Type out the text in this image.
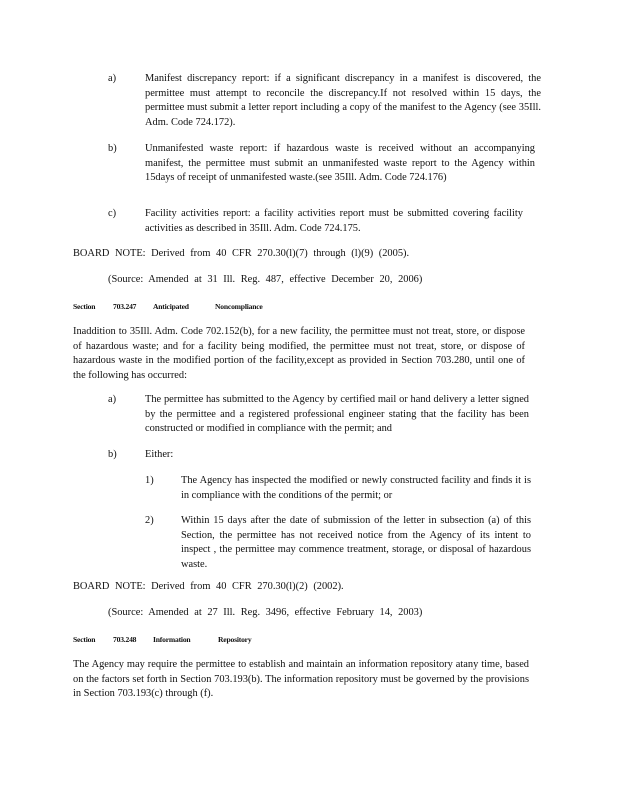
a)	Manifest discrepancy report: if a significant discrepancy in a manifest is discovered, the permittee must attempt to reconcile the discrepancy.If not resolved within 15 days, the permittee must submit a letter report including a copy of the manifest to the Agency (see 35Ill. Adm. Code 724.172).
b)	Unmanifested waste report: if hazardous waste is received without an accompanying manifest, the permittee must submit an unmanifested waste report to the Agency within 15days of receipt of unmanifested waste.(see 35Ill. Adm. Code 724.176)
c)	Facility activities report: a facility activities report must be submitted covering facility activities as described in 35Ill. Adm. Code 724.175.
BOARD NOTE: Derived from 40 CFR 270.30(l)(7) through (l)(9) (2005).
(Source: Amended at 31 Ill. Reg. 487, effective December 20, 2006)
Section 703.247 Anticipated	Noncompliance
Inaddition to 35Ill. Adm. Code 702.152(b), for a new facility, the permittee must not treat, store, or dispose of hazardous waste; and for a facility being modified, the permittee must not treat, store, or dispose of hazardous waste in the modified portion of the facility,except as provided in Section 703.280, until one of the following has occurred:
a)	The permittee has submitted to the Agency by certified mail or hand delivery a letter signed by the permittee and a registered professional engineer stating that the facility has been constructed or modified in compliance with the permit; and
b)	Either:
1)	The Agency has inspected the modified or newly constructed facility and finds it is in compliance with the conditions of the permit; or
2)	Within 15 days after the date of submission of the letter in subsection (a) of this Section, the permittee has not received notice from the Agency of its intent to inspect , the permittee may commence treatment, storage, or disposal of hazardous waste.
BOARD NOTE: Derived from 40 CFR 270.30(l)(2) (2002).
(Source: Amended at 27 Ill. Reg. 3496, effective February 14, 2003)
Section 703.248 Information	Repository
The Agency may require the permittee to establish and maintain an information repository atany time, based on the factors set forth in Section 703.193(b). The information repository must be governed by the provisions in Section 703.193(c) through (f).
